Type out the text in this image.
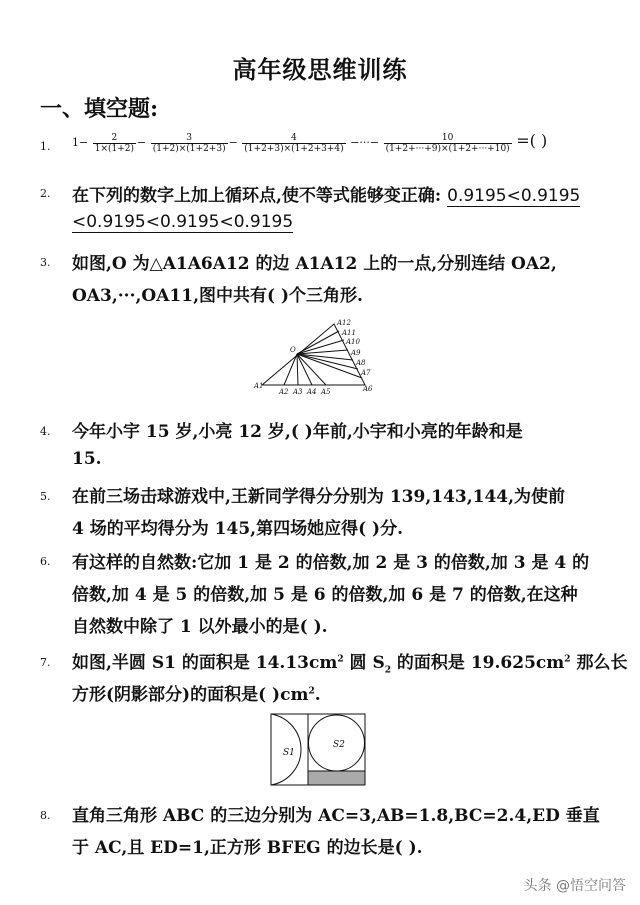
高年级思维训练
一、填空题:
1. $1- \frac{2}{1\times(1+2)} - \frac{3}{(1+2)\times(1+2+3)} - \frac{4}{(1+2+3)\times(1+2+3+4)}$ −···− $\frac{10}{(1+2+\cdot\cdot\cdot+9)\times(1+2+\cdot\cdot\cdot+10)}$ =( )
2. 在下列的数字上加上循环点,使不等式能够变正确: 0.9195<0.9195
<0.9195<0.9195<0.9195
3. 如图,O 为△A1A6A12 的边 A1A12 上的一点,分别连结 OA2,
OA3,···,OA11,图中共有( )个三角形.
A12
A11
A10
A9
A8
A7
A6
A5
A4
A3
A2
A1
O
4. 今年小宇 15 岁,小亮 12 岁,( )年前,小宇和小亮的年龄和是
15.
5. 在前三场击球游戏中,王新同学得分分别为 139,143,144,为使前
4 场的平均得分为 145,第四场她应得( )分.
6. 有这样的自然数:它加 1 是 2 的倍数,加 2 是 3 的倍数,加 3 是 4 的
倍数,加 4 是 5 的倍数,加 5 是 6 的倍数,加 6 是 7 的倍数,在这种
自然数中除了 1 以外最小的是( ).
7. 如图,半圆 S1 的面积是 $14.13cm^2$ 圆 $S_2$ 的面积是 $19.625cm^2$ 那么长
方形(阴影部分)的面积是( )$cm^2$.
S1
S2
8. 直角三角形 ABC 的三边分别为 AC=3,AB=1.8,BC=2.4,ED 垂直
于 AC,且 ED=1,正方形 BFEG 的边长是( ).
头条 @悟空问答
